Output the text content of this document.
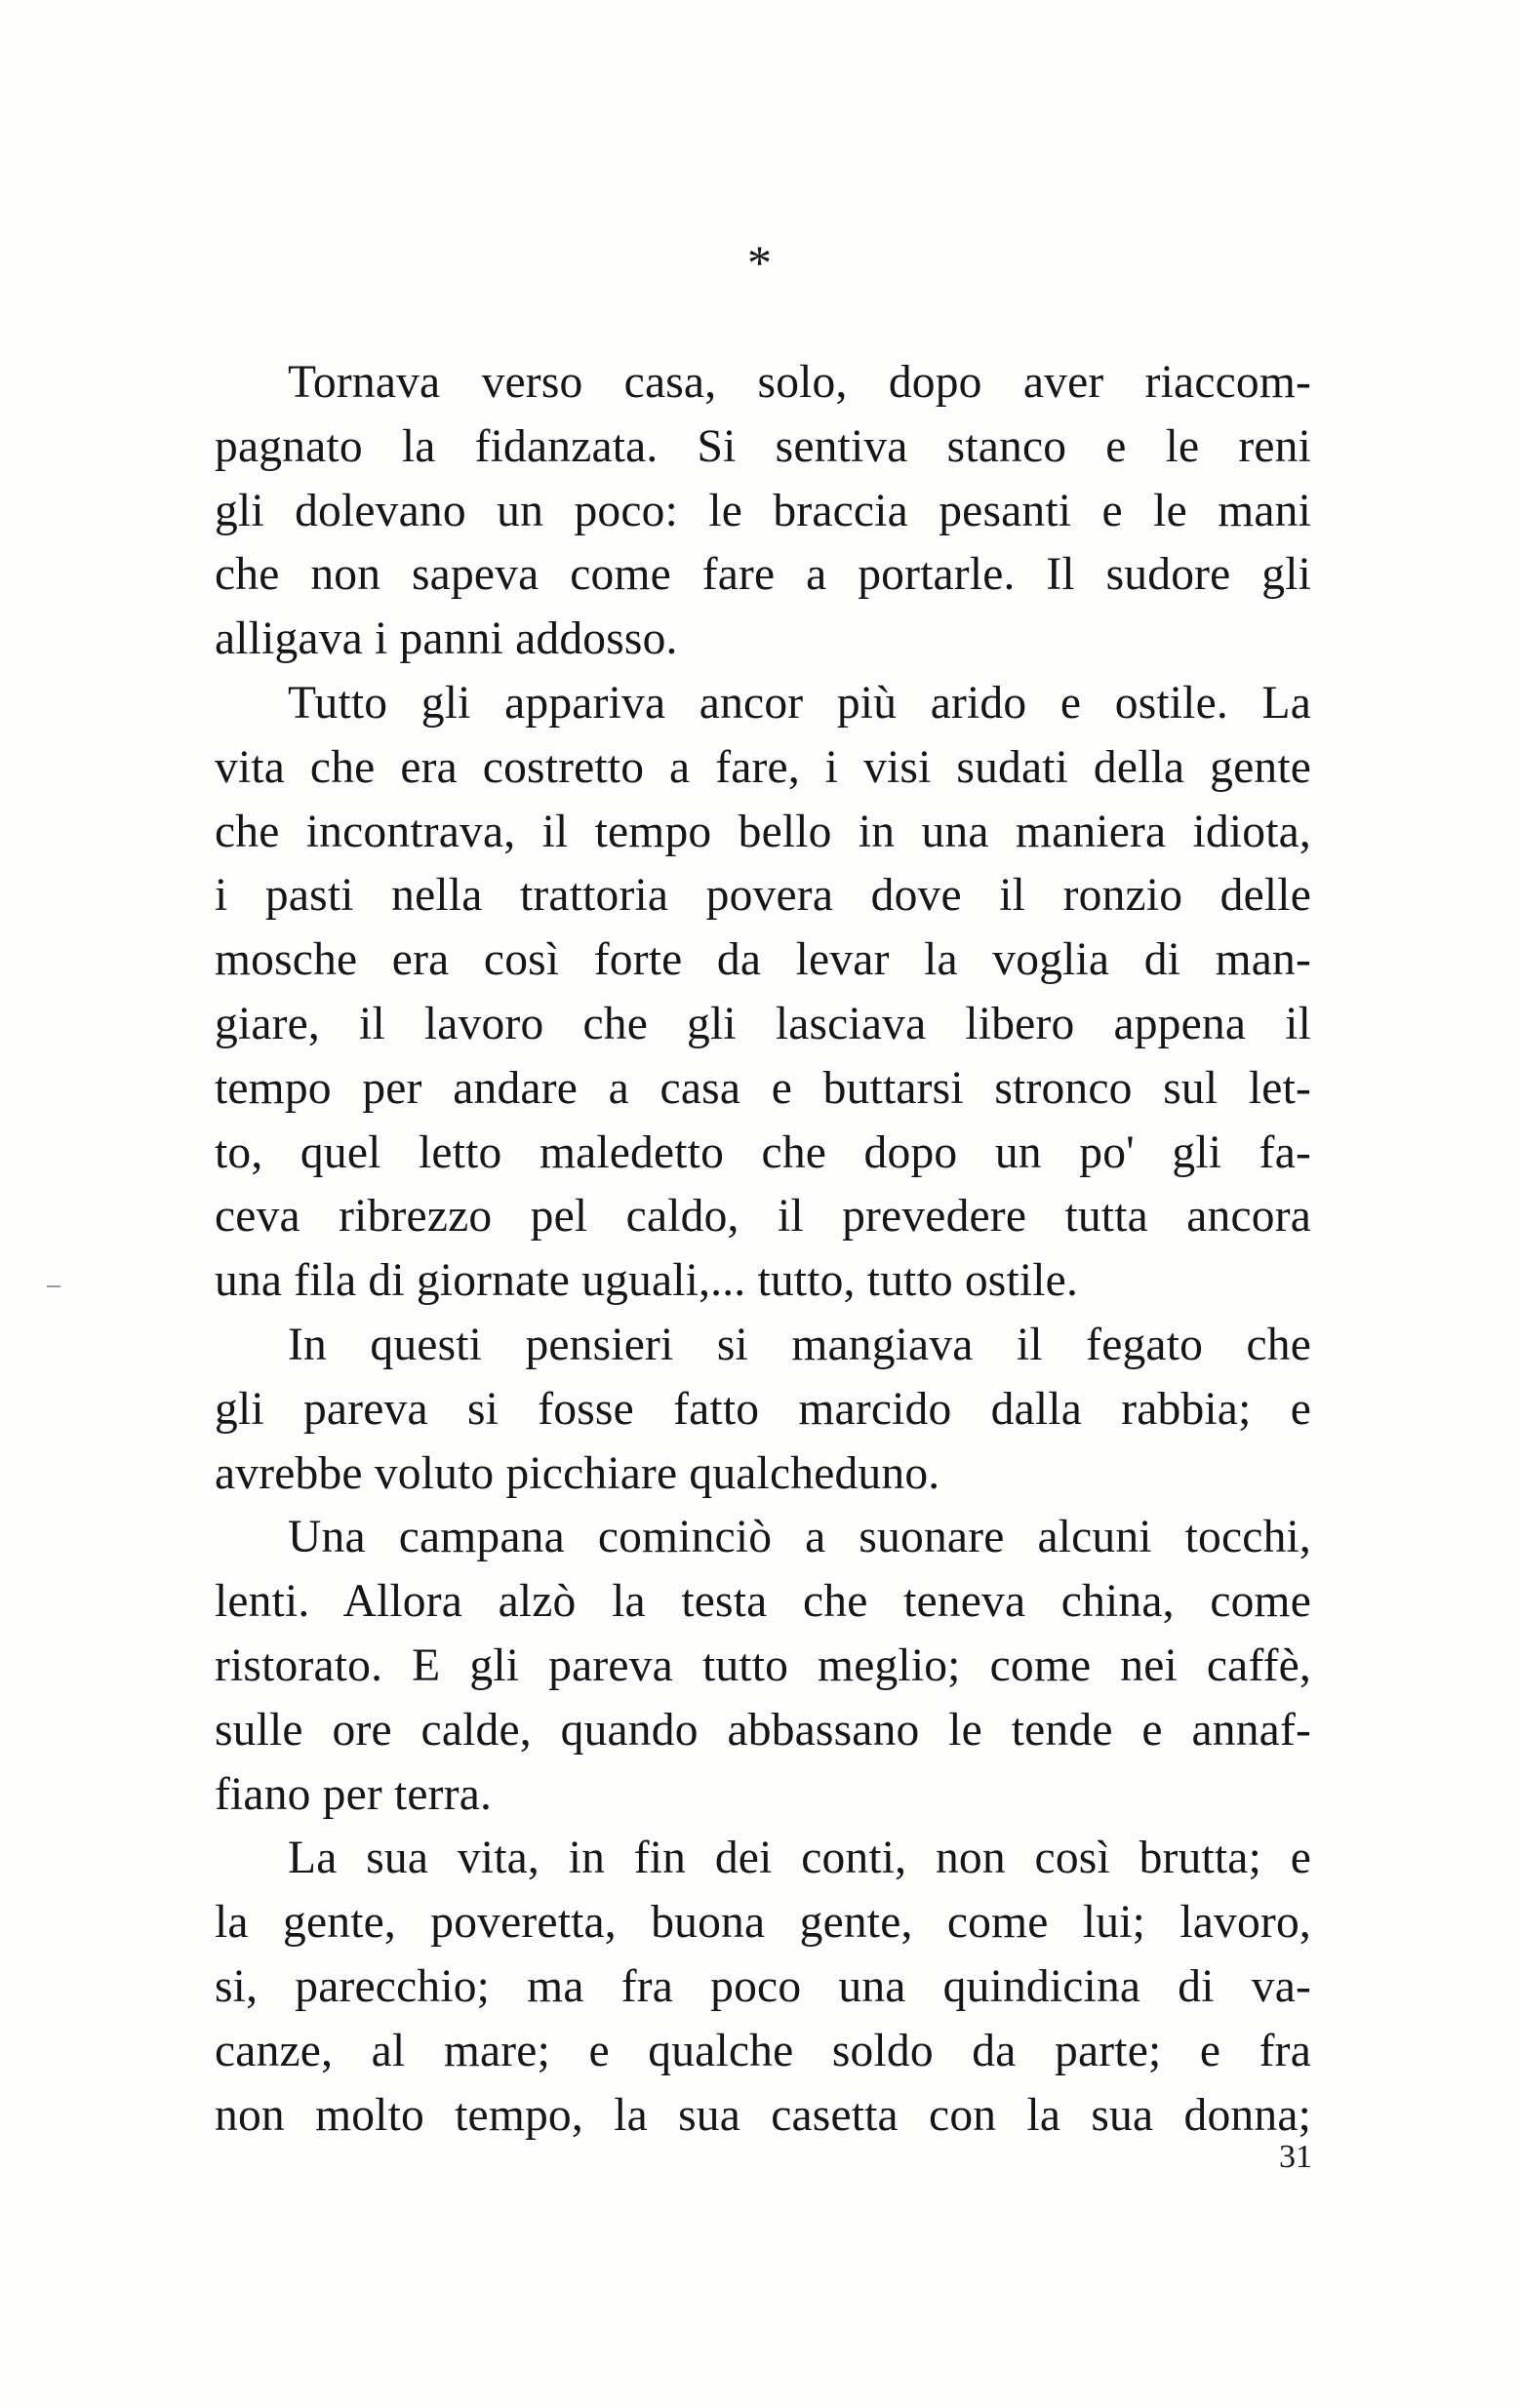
*
Tornava verso casa, solo, dopo aver riaccom-
pagnato la fidanzata. Si sentiva stanco e le reni
gli dolevano un poco: le braccia pesanti e le mani
che non sapeva come fare a portarle. Il sudore gli
alligava i panni addosso.
Tutto gli appariva ancor più arido e ostile. La
vita che era costretto a fare, i visi sudati della gente
che incontrava, il tempo bello in una maniera idiota,
i pasti nella trattoria povera dove il ronzio delle
mosche era così forte da levar la voglia di man-
giare, il lavoro che gli lasciava libero appena il
tempo per andare a casa e buttarsi stronco sul let-
to, quel letto maledetto che dopo un po' gli fa-
ceva ribrezzo pel caldo, il prevedere tutta ancora
una fila di giornate uguali,... tutto, tutto ostile.
In questi pensieri si mangiava il fegato che
gli pareva si fosse fatto marcido dalla rabbia; e
avrebbe voluto picchiare qualcheduno.
Una campana cominciò a suonare alcuni tocchi,
lenti. Allora alzò la testa che teneva china, come
ristorato. E gli pareva tutto meglio; come nei caffè,
sulle ore calde, quando abbassano le tende e annaf-
fiano per terra.
La sua vita, in fin dei conti, non così brutta; e
la gente, poveretta, buona gente, come lui; lavoro,
si, parecchio; ma fra poco una quindicina di va-
canze, al mare; e qualche soldo da parte; e fra
non molto tempo, la sua casetta con la sua donna;
31
